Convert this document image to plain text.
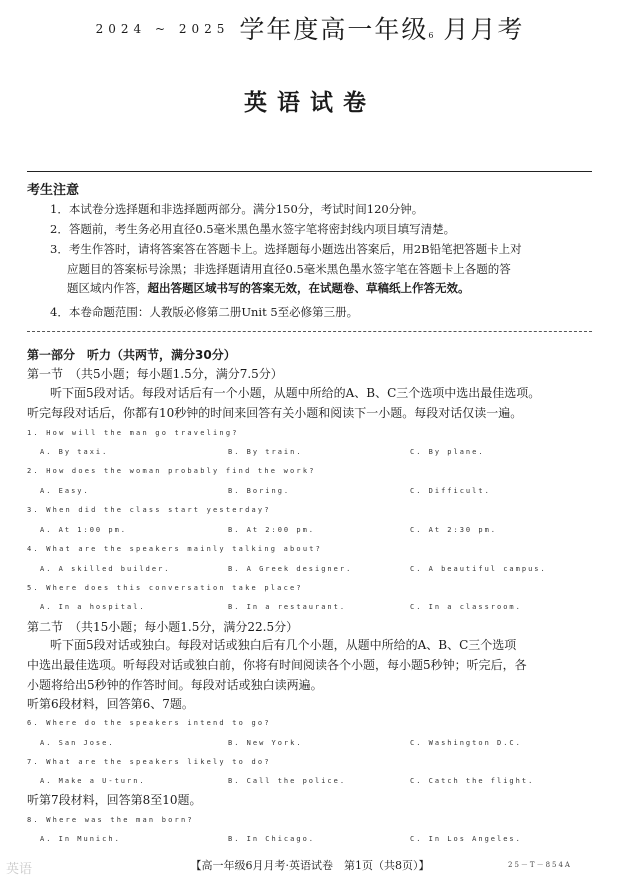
$^{2024 \sim 2025}$ 学年度高一年级6 月月考
英语试卷
考生注意
1．本试卷分选择题和非选择题两部分。满分150分，考试时间120分钟。
2．答题前，考生务必用直径0.5毫米黑色墨水签字笔将密封线内项目填写清楚。
3．考生作答时，请将答案答在答题卡上。选择题每小题选出答案后，用2B铅笔把答题卡上对
应题目的答案标号涂黑；非选择题请用直径0.5毫米黑色墨水签字笔在答题卡上各题的答
题区域内作答，超出答题区域书写的答案无效，在试题卷、草稿纸上作答无效。
4．本卷命题范围：人教版必修第二册Unit 5至必修第三册。
第一部分　听力（共两节，满分30分）
第一节　（共5小题；每小题1.5分，满分7.5分）
听下面5段对话。每段对话后有一个小题，从题中所给的A、B、C三个选项中选出最佳选项。
听完每段对话后，你都有10秒钟的时间来回答有关小题和阅读下一小题。每段对话仅读一遍。
1. How will the man go traveling?
A. By taxi.	B. By train.	C. By plane.
2. How does the woman probably find the work?
A. Easy.	B. Boring.	C. Difficult.
3. When did the class start yesterday?
A. At 1:00 pm.	B. At 2:00 pm.	C. At 2:30 pm.
4. What are the speakers mainly talking about?
A. A skilled builder.	B. A Greek designer.	C. A beautiful campus.
5. Where does this conversation take place?
A. In a hospital.	B. In a restaurant.	C. In a classroom.
第二节　（共15小题；每小题1.5分，满分22.5分）
听下面5段对话或独白。每段对话或独白后有几个小题，从题中所给的A、B、C三个选项
中选出最佳选项。听每段对话或独白前，你将有时间阅读各个小题，每小题5秒钟；听完后，各
小题将给出5秒钟的作答时间。每段对话或独白读两遍。
听第6段材料，回答第6、7题。
6. Where do the speakers intend to go?
A. San Jose.	B. New York.	C. Washington D.C.
7. What are the speakers likely to do?
A. Make a U-turn.	B. Call the police.	C. Catch the flight.
听第7段材料，回答第8至10题。
8. Where was the man born?
A. In Munich.	B. In Chicago.	C. In Los Angeles.
英语	【高一年级6月月考·英语试卷　第1页（共8页）】	25－T－854A
